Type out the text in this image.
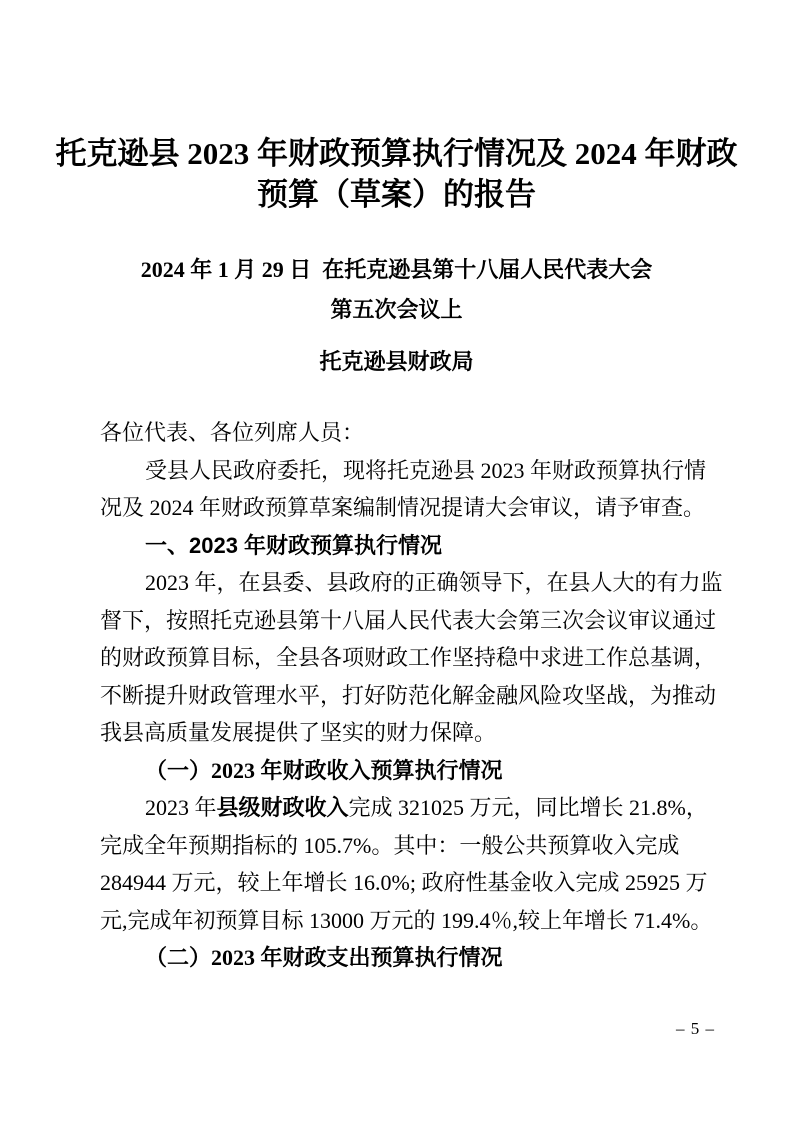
托克逊县 2023 年财政预算执行情况及 2024 年财政
预算（草案）的报告
2024 年 1 月 29 日  在托克逊县第十八届人民代表大会
第五次会议上
托克逊县财政局
各位代表、各位列席人员：
受县人民政府委托，现将托克逊县 2023 年财政预算执行情
况及 2024 年财政预算草案编制情况提请大会审议，请予审查。
一、2023 年财政预算执行情况
2023 年，在县委、县政府的正确领导下，在县人大的有力监
督下，按照托克逊县第十八届人民代表大会第三次会议审议通过
的财政预算目标，全县各项财政工作坚持稳中求进工作总基调，
不断提升财政管理水平，打好防范化解金融风险攻坚战，为推动
我县高质量发展提供了坚实的财力保障。
（一）2023 年财政收入预算执行情况
2023 年县级财政收入完成 321025 万元，同比增长 21.8%，
完成全年预期指标的 105.7%。其中：一般公共预算收入完成
284944 万元，较上年增长 16.0%; 政府性基金收入完成 25925 万
元,完成年初预算目标 13000 万元的 199.4％,较上年增长 71.4%。
（二）2023 年财政支出预算执行情况
– 5 –
